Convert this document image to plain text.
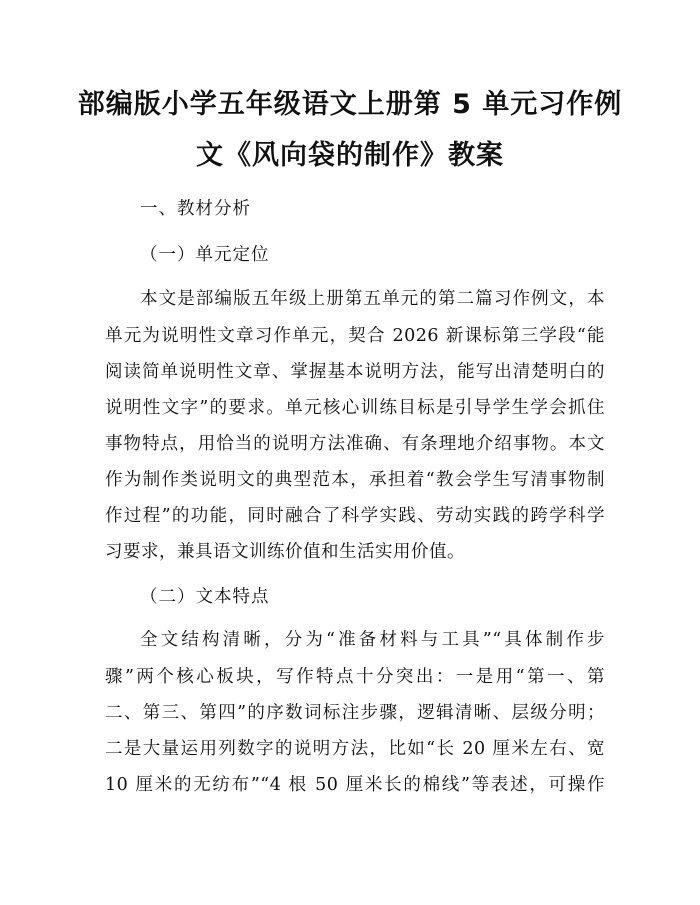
部编版小学五年级语文上册第 5 单元习作例
文《风向袋的制作》教案
一、教材分析
（一）单元定位
本文是部编版五年级上册第五单元的第二篇习作例文，本
单元为说明性文章习作单元，契合 2026 新课标第三学段“能
阅读简单说明性文章、掌握基本说明方法，能写出清楚明白的
说明性文字”的要求。单元核心训练目标是引导学生学会抓住
事物特点，用恰当的说明方法准确、有条理地介绍事物。本文
作为制作类说明文的典型范本，承担着“教会学生写清事物制
作过程”的功能，同时融合了科学实践、劳动实践的跨学科学
习要求，兼具语文训练价值和生活实用价值。
（二）文本特点
全文结构清晰，分为“准备材料与工具”“具体制作步
骤”两个核心板块，写作特点十分突出：一是用“第一、第
二、第三、第四”的序数词标注步骤，逻辑清晰、层级分明；
二是大量运用列数字的说明方法，比如“长 20 厘米左右、宽
10 厘米的无纺布”“4 根 50 厘米长的棉线”等表述，可操作
